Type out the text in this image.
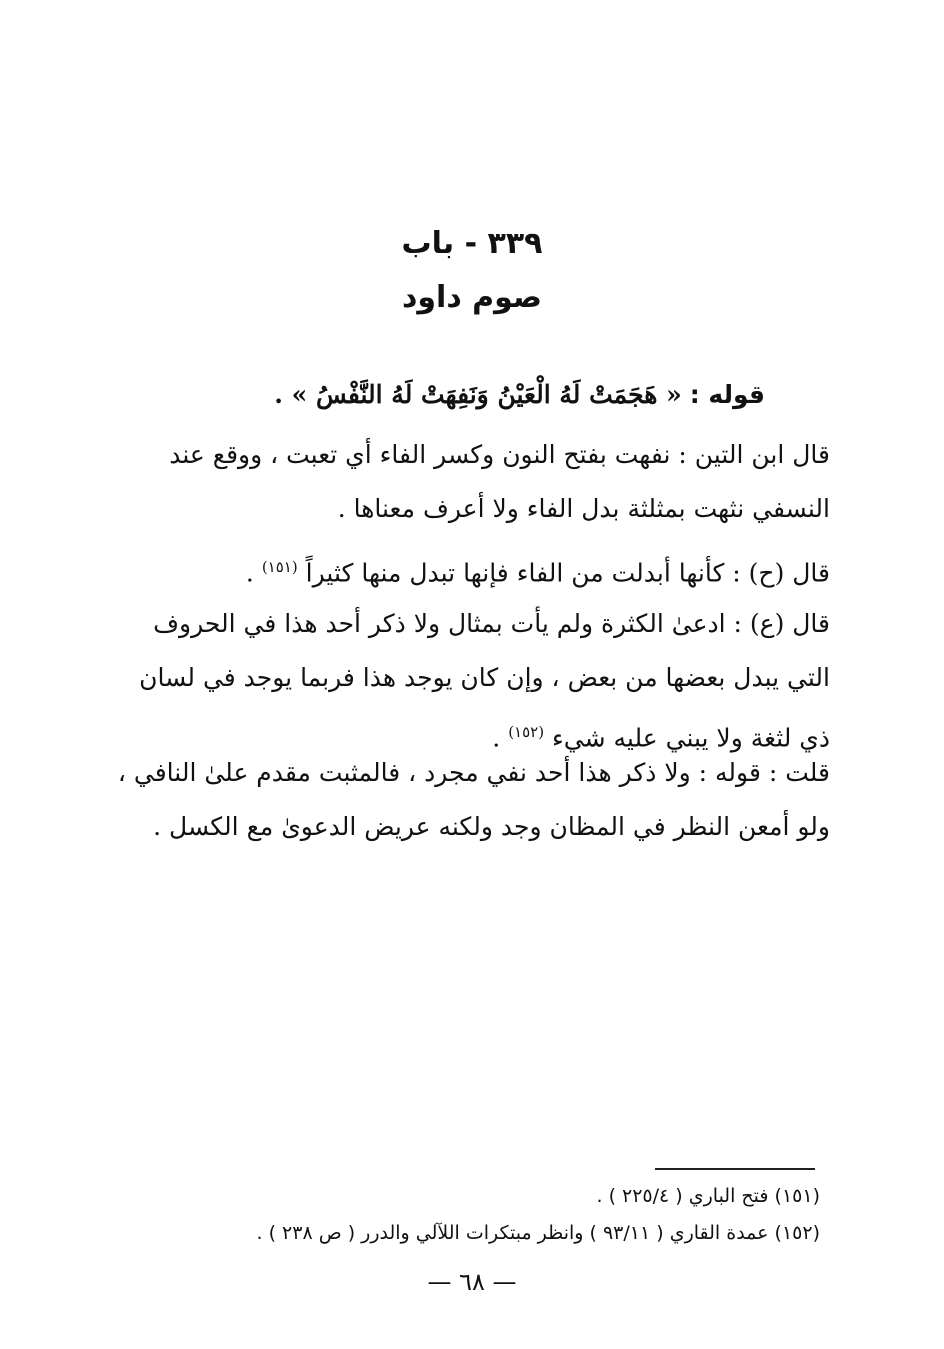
٣٣٩ - باب
صوم داود
قوله : « هَجَمَتْ لَهُ الْعَيْنُ وَنَفِهَتْ لَهُ النَّفْسُ » .

قال ابن التين : نفهت بفتح النون وكسر الفاء أي تعبت ، ووقع عند النسفي نثهت بمثلثة بدل الفاء ولا أعرف معناها .

قال (ح) : كأنها أبدلت من الفاء فإنها تبدل منها كثيراً $^{(١٥١)}$ .

قال (ع) : ادعىٰ الكثرة ولم يأت بمثال ولا ذكر أحد هذا في الحروف التي يبدل بعضها من بعض ، وإن كان يوجد هذا فربما يوجد في لسان ذي لثغة ولا يبني عليه شيء $^{(١٥٢)}$ .

قلت : قوله : ولا ذكر هذا أحد نفي مجرد ، فالمثبت مقدم علىٰ النافي ، ولو أمعن النظر في المظان وجد ولكنه عريض الدعوىٰ مع الكسل .

(١٥١) فتح الباري ( ٢٢٥/٤ ) .
(١٥٢) عمدة القاري ( ٩٣/١١ ) وانظر مبتكرات اللآلي والدرر ( ص ٢٣٨ ) .
— ٦٨ —
